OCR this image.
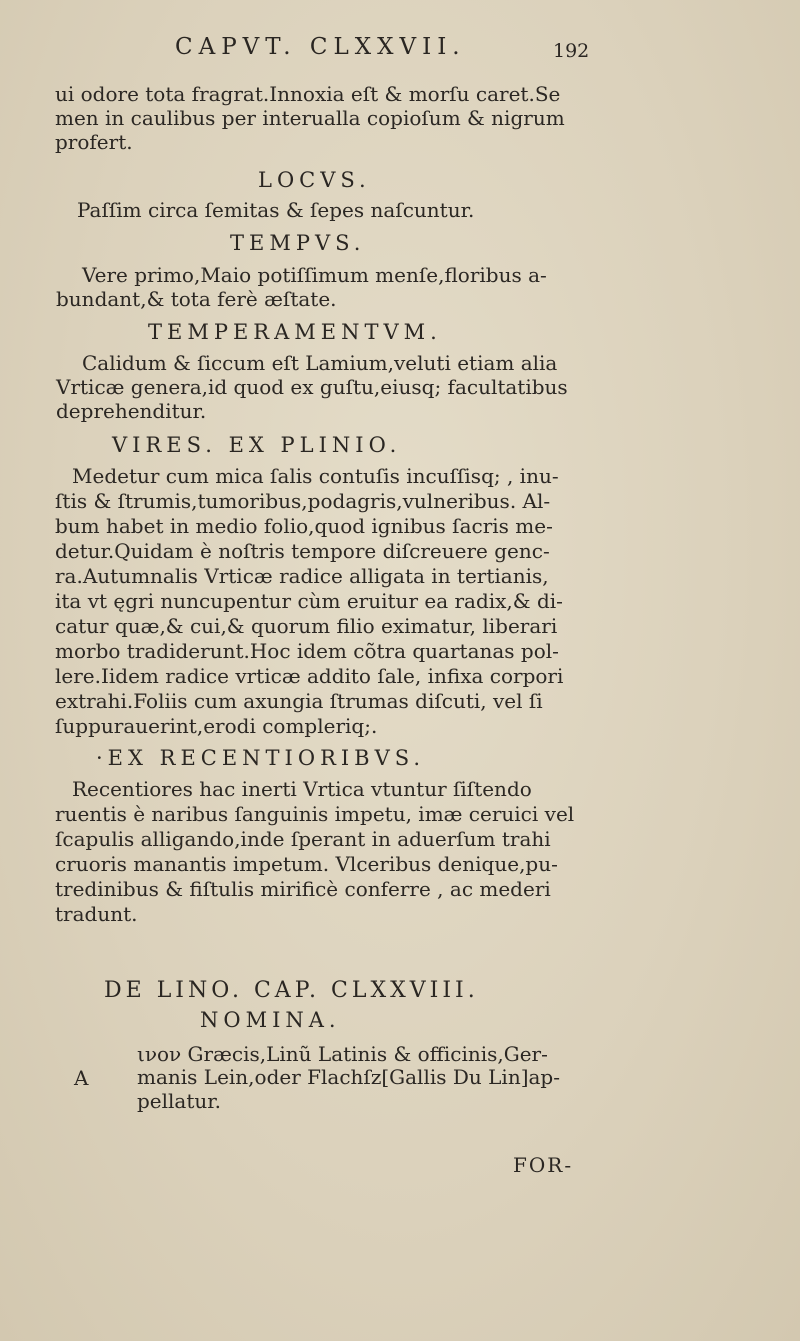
CAPVT. CLXXVII.	192
ui odore tota fragrat.Innoxia eſt & morſu caret.Se
men in caulibus per interualla copioſum & nigrum
profert.
LOCVS.
Paſſim circa ſemitas & ſepes naſcuntur.
TEMPVS.
Vere primo,Maio potiſſimum menſe,floribus a-
bundant,& tota ferè æſtate.
TEMPERAMENTVM.
Calidum & ſiccum eſt Lamium,veluti etiam alia
Vrticæ genera,id quod ex guſtu,eiusq; facultatibus
deprehenditur.
VIRES. EX PLINIO.
Medetur cum mica ſalis contuſis incuſſisq; , inu-
ſtis & ſtrumis,tumoribus,podagris,vulneribus. Al-
bum habet in medio folio,quod ignibus ſacris me-
detur.Quidam è noſtris tempore diſcreuere genc-
ra.Autumnalis Vrticæ radice alligata in tertianis,
ita vt ęgri nuncupentur cùm eruitur ea radix,& di-
catur quæ,& cui,& quorum filio eximatur, liberari
morbo tradiderunt.Hoc idem cõtra quartanas pol-
lere.Iidem radice vrticæ addito ſale, infixa corpori
extrahi.Foliis cum axungia ſtrumas diſcuti, vel ſi
ſuppurauerint,erodi compleriq;.
·EX RECENTIORIBVS.
Recentiores hac inerti Vrtica vtuntur ſiſtendo
ruentis è naribus ſanguinis impetu, imæ ceruici vel
ſcapulis alligando,inde ſperant in aduerſum trahi
cruoris manantis impetum. Vlceribus denique,pu-
tredinibus & fiſtulis mirificè conferre , ac mederi
tradunt.
DE LINO. CAP. CLXXVIII.
NOMINA.
ινον Græcis,Linũ Latinis & officinis,Ger-
A manis Lein,oder Flachſz[Gallis Du Lin]ap-
pellatur.
FOR-
